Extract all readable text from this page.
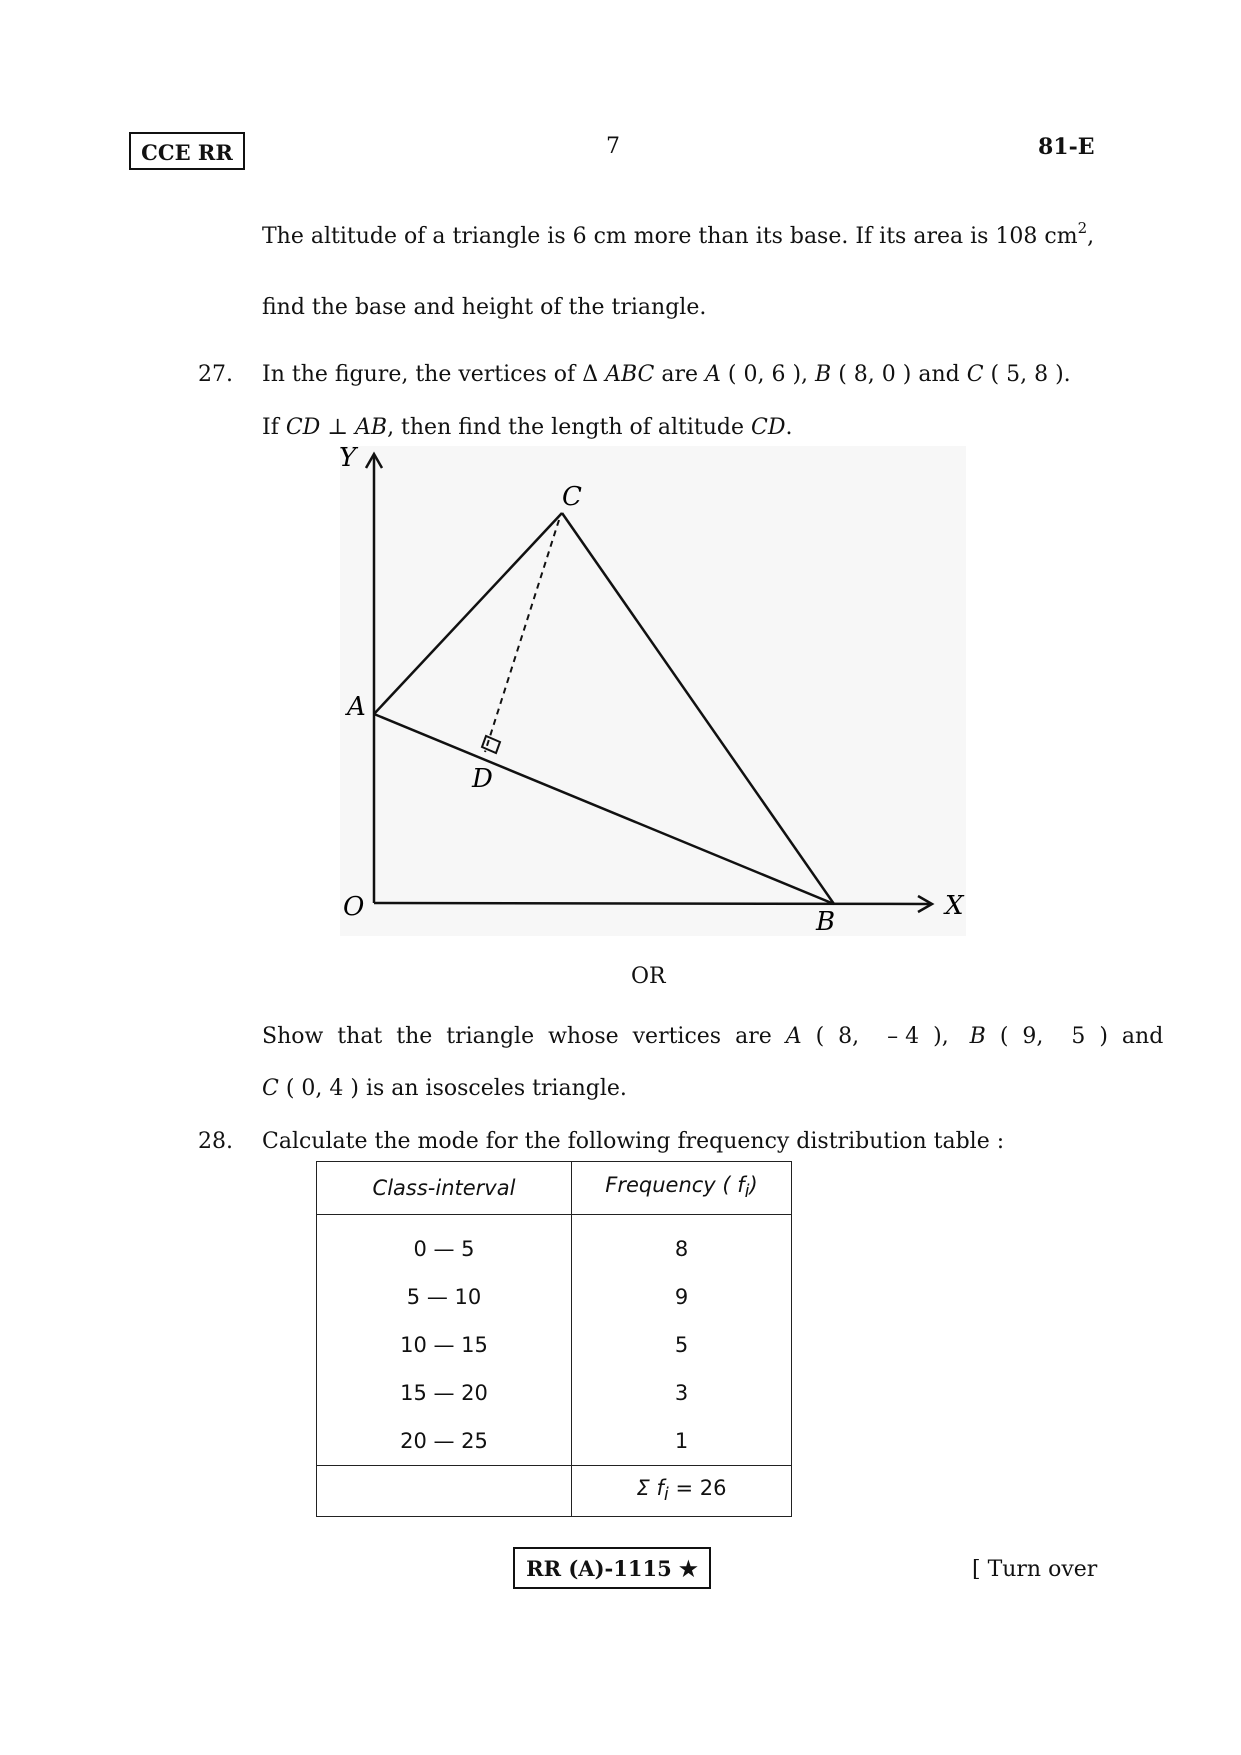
CCE RR	7	81-E
The altitude of a triangle is 6 cm more than its base. If its area is 108 $cm^2$,
find the base and height of the triangle.
27. In the figure, the vertices of Δ ABC are A ( 0, 6 ), B ( 8, 0 ) and C ( 5, 8 ).
If CD ⊥ AB, then find the length of altitude CD.
Y
X
O
A
B
C
D
OR
Show  that  the  triangle  whose  vertices  are  A  (  8,    – 4  ),   B  (  9,    5  )  and
C ( 0, 4 ) is an isosceles triangle.
28. Calculate the mode for the following frequency distribution table :
Class-interval	Frequency ( $f_i$)
0 — 5	8
5 — 10	9
10 — 15	5
15 — 20	3
20 — 25	1
	Σ $f_i = 26$
RR (A)-1115 ★	[ Turn over
